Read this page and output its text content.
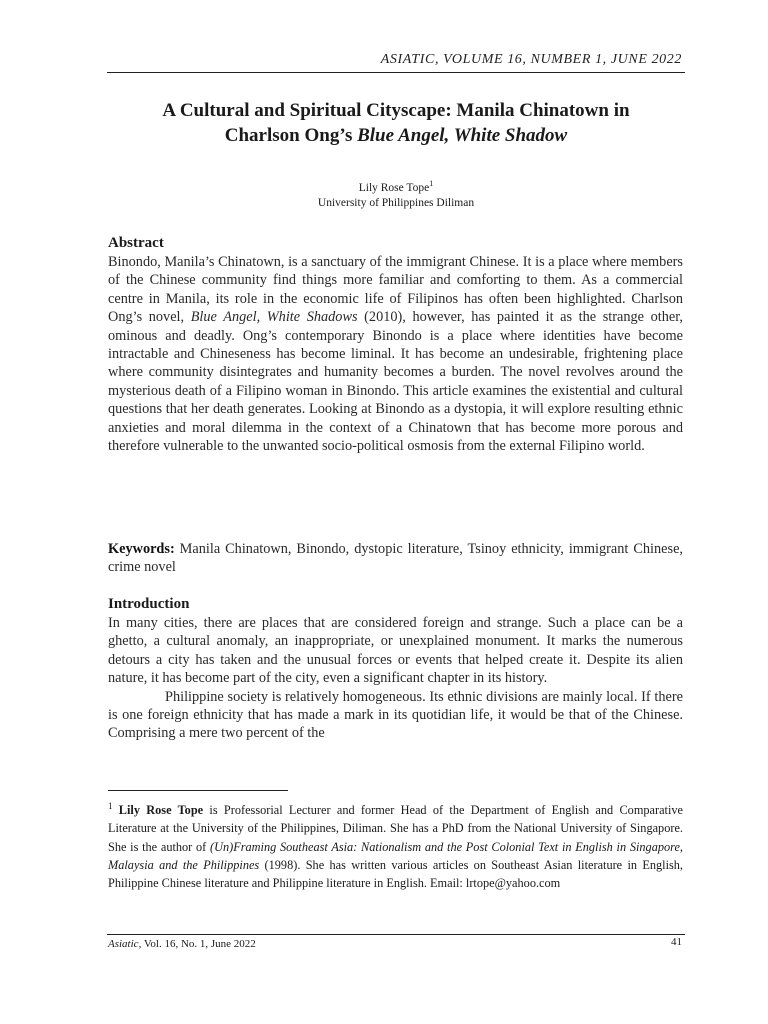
ASIATIC, VOLUME 16, NUMBER 1, JUNE 2022
A Cultural and Spiritual Cityscape: Manila Chinatown in
Charlson Ong’s Blue Angel, White Shadow
Lily Rose Tope$^1$
University of Philippines Diliman
Abstract
Binondo, Manila’s Chinatown, is a sanctuary of the immigrant Chinese. It is a place where members of the Chinese community find things more familiar and comforting to them. As a commercial centre in Manila, its role in the economic life of Filipinos has often been highlighted. Charlson Ong’s novel, Blue Angel, White Shadows (2010), however, has painted it as the strange other, ominous and deadly. Ong’s contemporary Binondo is a place where identities have become intractable and Chineseness has become liminal. It has become an undesirable, frightening place where community disintegrates and humanity becomes a burden. The novel revolves around the mysterious death of a Filipino woman in Binondo. This article examines the existential and cultural questions that her death generates. Looking at Binondo as a dystopia, it will explore resulting ethnic anxieties and moral dilemma in the context of a Chinatown that has become more porous and therefore vulnerable to the unwanted socio-political osmosis from the external Filipino world.
Keywords: Manila Chinatown, Binondo, dystopic literature, Tsinoy ethnicity, immigrant Chinese, crime novel
Introduction

In many cities, there are places that are considered foreign and strange. Such a place can be a ghetto, a cultural anomaly, an inappropriate, or unexplained monument. It marks the numerous detours a city has taken and the unusual forces or events that helped create it. Despite its alien nature, it has become part of the city, even a significant chapter in its history.

Philippine society is relatively homogeneous. Its ethnic divisions are mainly local. If there is one foreign ethnicity that has made a mark in its quotidian life, it would be that of the Chinese. Comprising a mere two percent of the

$^1$ Lily Rose Tope is Professorial Lecturer and former Head of the Department of English and Comparative Literature at the University of the Philippines, Diliman. She has a PhD from the National University of Singapore. She is the author of (Un)Framing Southeast Asia: Nationalism and the Post Colonial Text in English in Singapore, Malaysia and the Philippines (1998). She has written various articles on Southeast Asian literature in English, Philippine Chinese literature and Philippine literature in English. Email: lrtope@yahoo.com
Asiatic, Vol. 16, No. 1, June 2022	41
